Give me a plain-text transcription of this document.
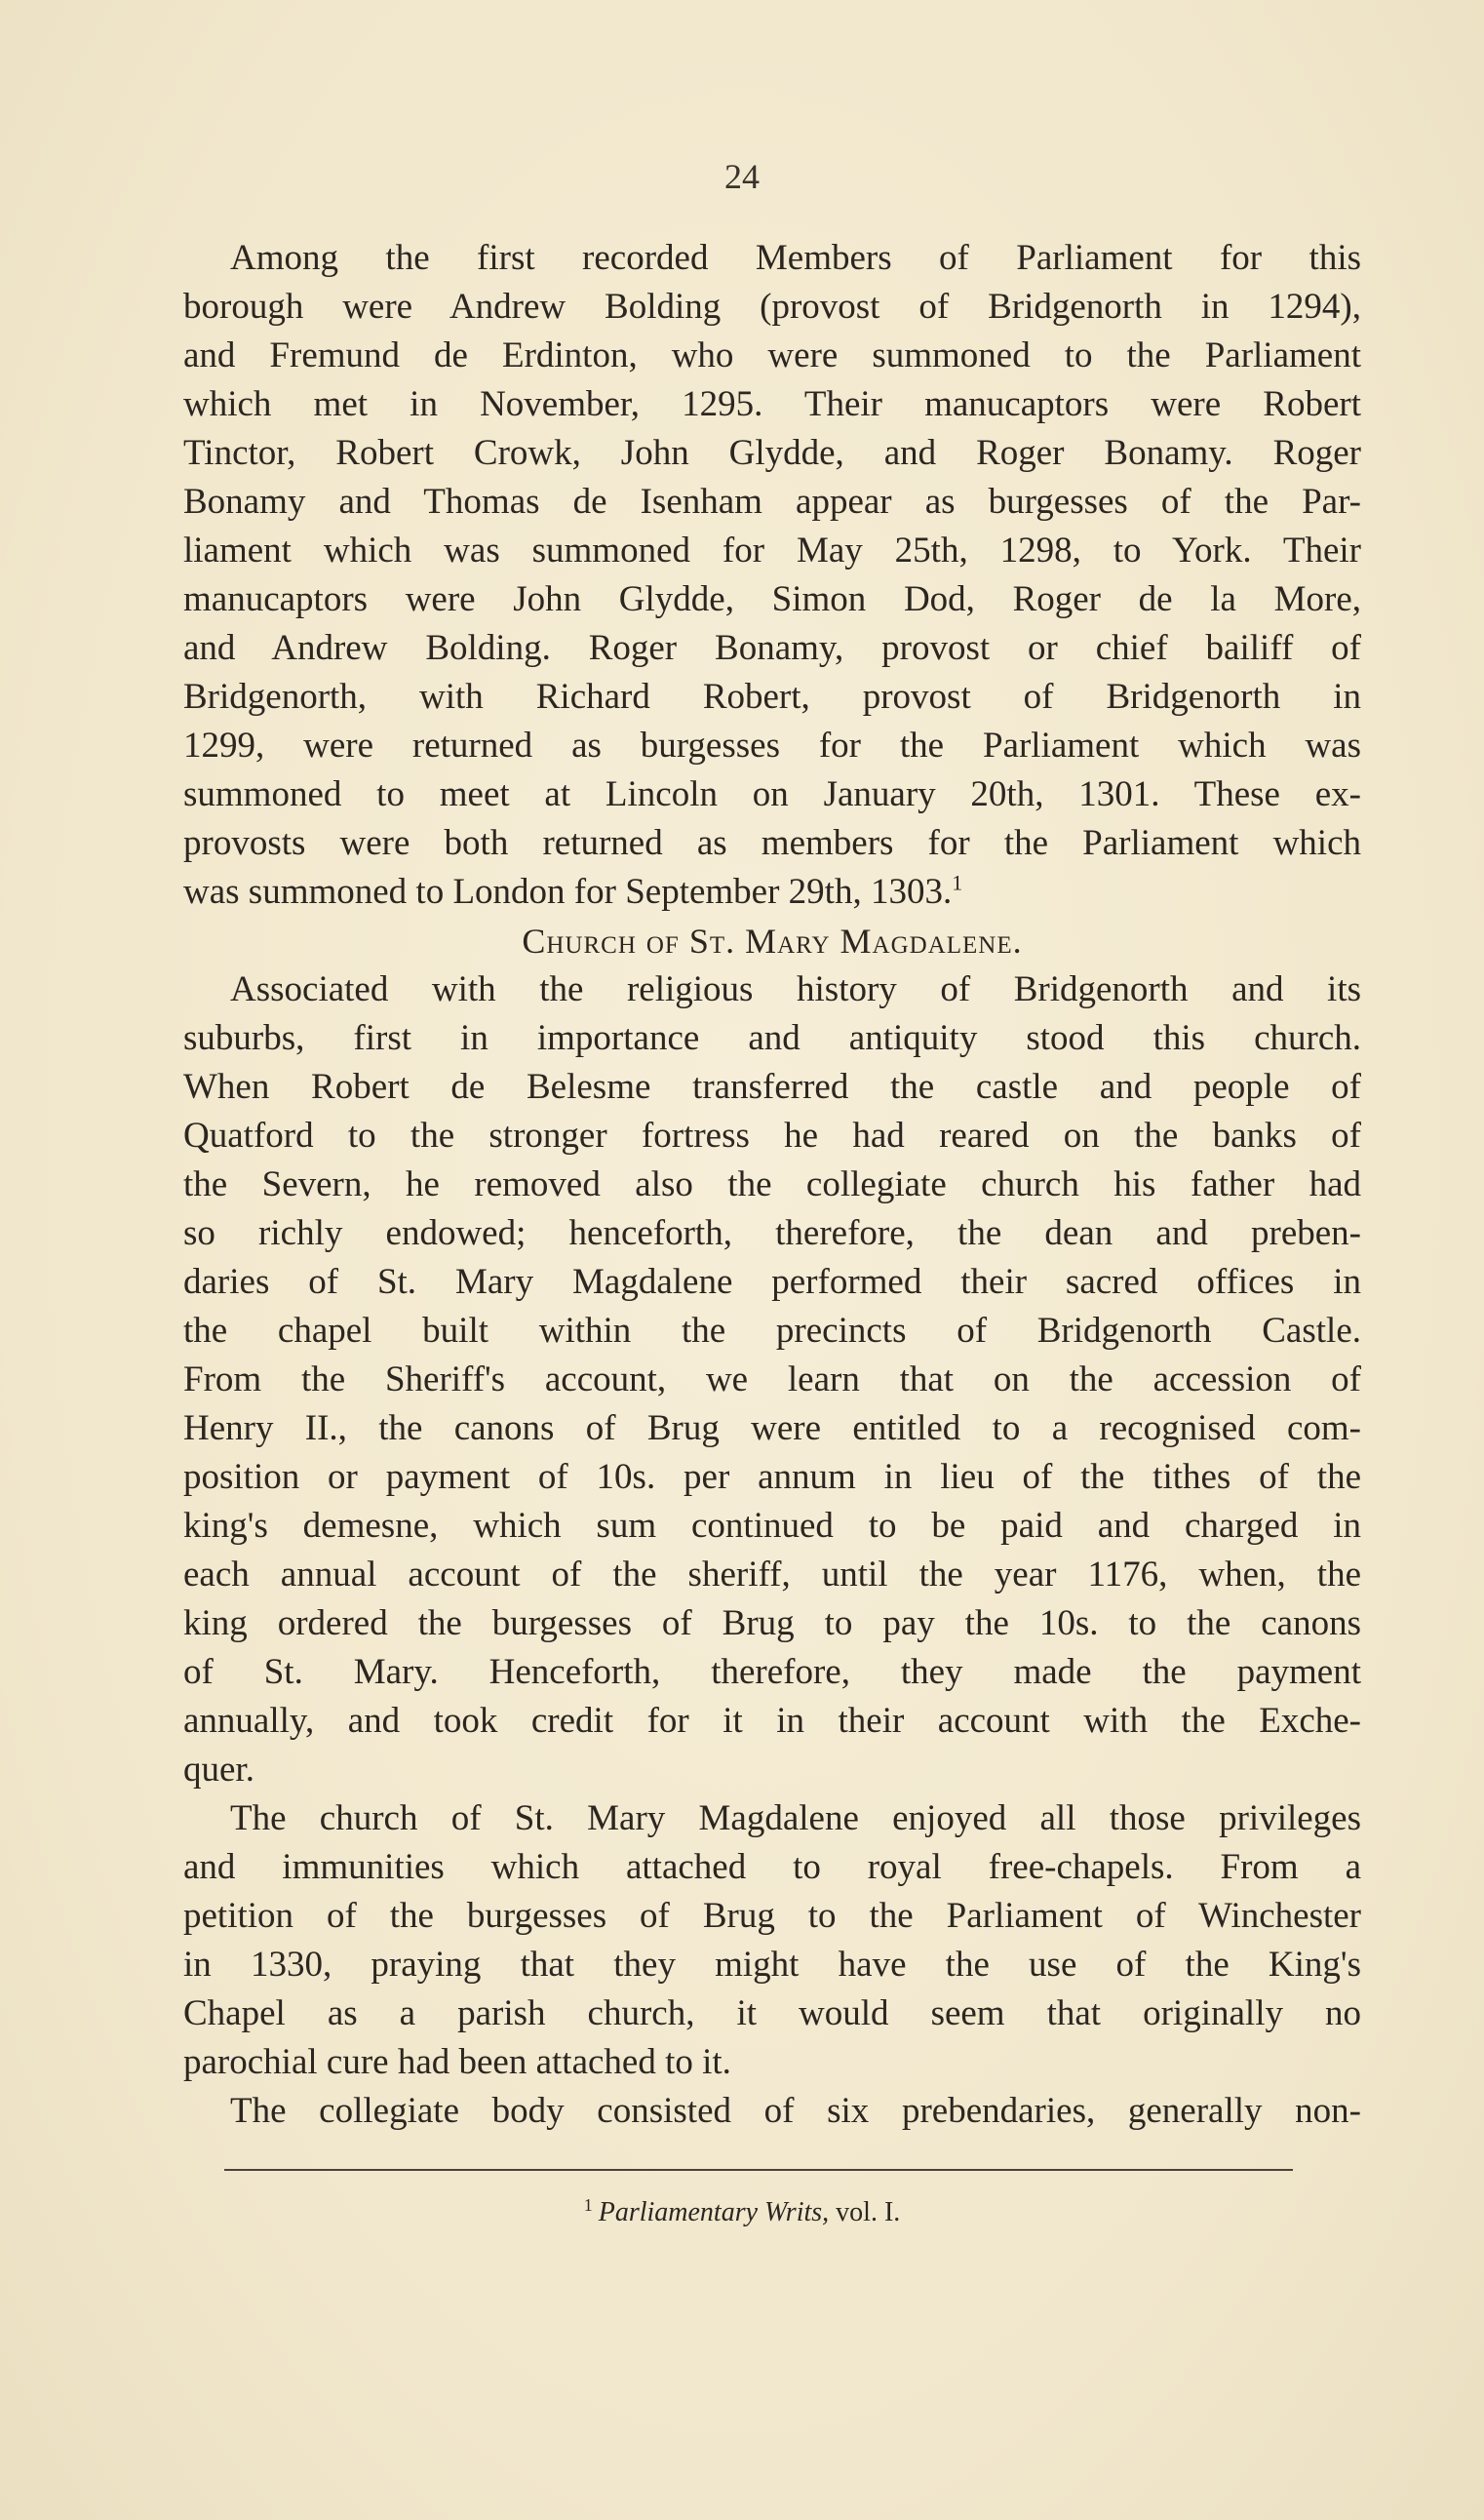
24
Among the first recorded Members of Parliament for this
borough were Andrew Bolding (provost of Bridgenorth in 1294),
and Fremund de Erdinton, who were summoned to the Parliament
which met in November, 1295. Their manucaptors were Robert
Tinctor, Robert Crowk, John Glydde, and Roger Bonamy. Roger
Bonamy and Thomas de Isenham appear as burgesses of the Par-
liament which was summoned for May 25th, 1298, to York. Their
manucaptors were John Glydde, Simon Dod, Roger de la More,
and Andrew Bolding. Roger Bonamy, provost or chief bailiff of
Bridgenorth, with Richard Robert, provost of Bridgenorth in
1299, were returned as burgesses for the Parliament which was
summoned to meet at Lincoln on January 20th, 1301. These ex-
provosts were both returned as members for the Parliament which
was summoned to London for September 29th, 1303.$^1$
Church of St. Mary Magdalene.
Associated with the religious history of Bridgenorth and its
suburbs, first in importance and antiquity stood this church.
When Robert de Belesme transferred the castle and people of
Quatford to the stronger fortress he had reared on the banks of
the Severn, he removed also the collegiate church his father had
so richly endowed; henceforth, therefore, the dean and preben-
daries of St. Mary Magdalene performed their sacred offices in
the chapel built within the precincts of Bridgenorth Castle.
From the Sheriff's account, we learn that on the accession of
Henry II., the canons of Brug were entitled to a recognised com-
position or payment of 10s. per annum in lieu of the tithes of the
king's demesne, which sum continued to be paid and charged in
each annual account of the sheriff, until the year 1176, when, the
king ordered the burgesses of Brug to pay the 10s. to the canons
of St. Mary. Henceforth, therefore, they made the payment
annually, and took credit for it in their account with the Exche-
quer.
The church of St. Mary Magdalene enjoyed all those privileges
and immunities which attached to royal free-chapels. From a
petition of the burgesses of Brug to the Parliament of Winchester
in 1330, praying that they might have the use of the King's
Chapel as a parish church, it would seem that originally no
parochial cure had been attached to it.
The collegiate body consisted of six prebendaries, generally non-
$^1$ Parliamentary Writs, vol. I.
